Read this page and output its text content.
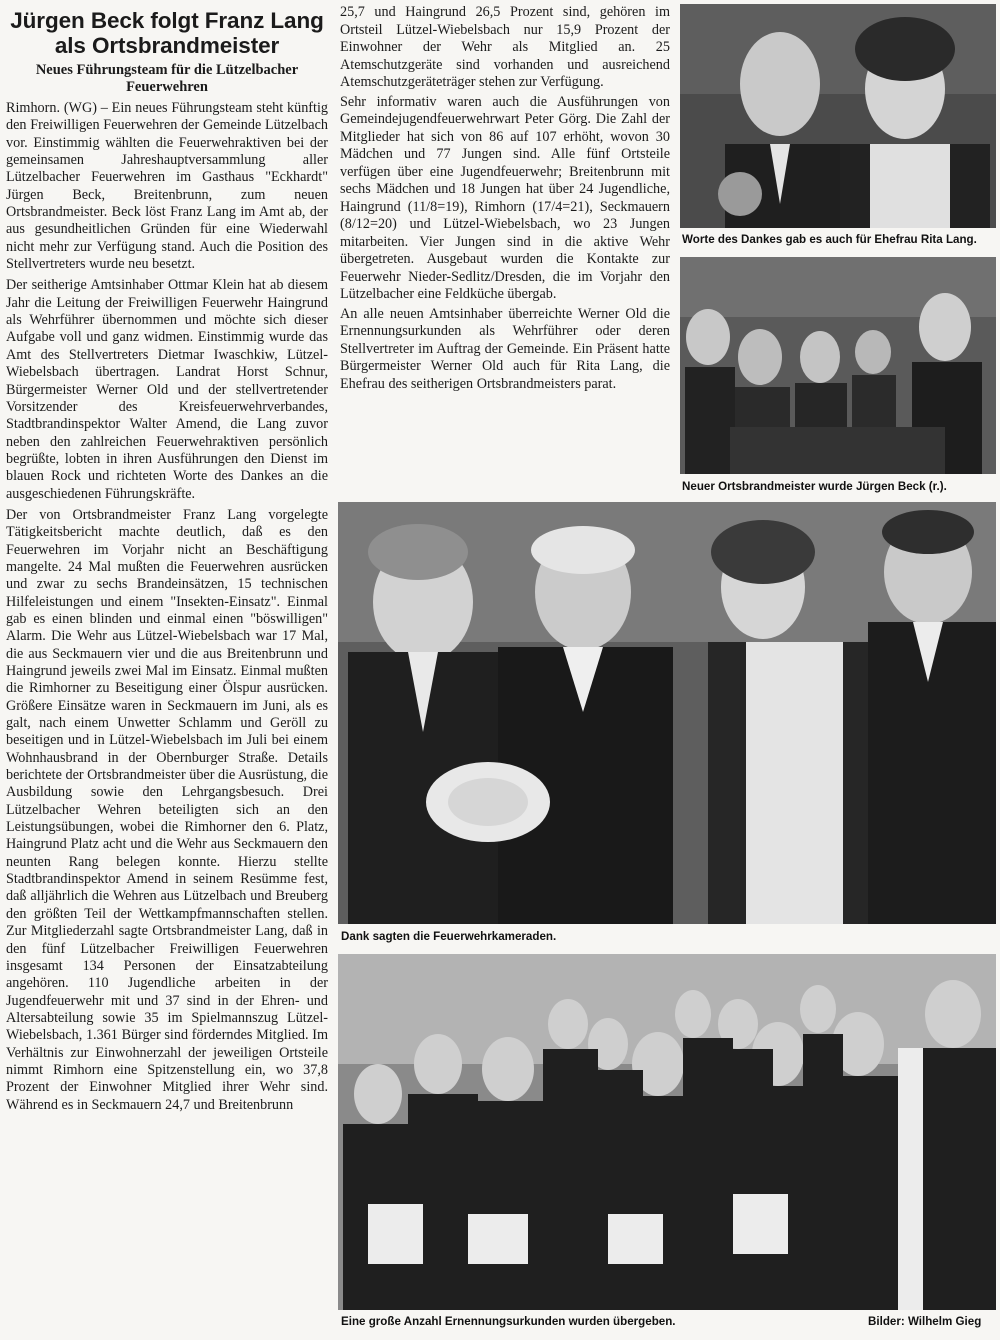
Jürgen Beck folgt Franz Lang als Ortsbrandmeister
Neues Führungsteam für die Lützelbacher Feuerwehren

Rimhorn. (WG) – Ein neues Führungsteam steht künftig den Freiwilligen Feuerwehren der Gemeinde Lützelbach vor. Einstimmig wählten die Feuerwehraktiven bei der gemeinsamen Jahreshauptversammlung aller Lützelbacher Feuerwehren im Gasthaus "Eckhardt" Jürgen Beck, Breitenbrunn, zum neuen Ortsbrandmeister. Beck löst Franz Lang im Amt ab, der aus gesundheitlichen Gründen für eine Wiederwahl nicht mehr zur Verfügung stand. Auch die Position des Stellvertreters wurde neu besetzt.

Der seitherige Amtsinhaber Ottmar Klein hat ab diesem Jahr die Leitung der Freiwilligen Feuerwehr Haingrund als Wehrführer übernommen und möchte sich dieser Aufgabe voll und ganz widmen. Einstimmig wurde das Amt des Stellvertreters Dietmar Iwaschkiw, Lützel-Wiebelsbach übertragen. Landrat Horst Schnur, Bürgermeister Werner Old und der stellvertretender Vorsitzender des Kreisfeuerwehrverbandes, Stadtbrandinspektor Walter Amend, die Lang zuvor neben den zahlreichen Feuerwehraktiven persönlich begrüßte, lobten in ihren Ausführungen den Dienst im blauen Rock und richteten Worte des Dankes an die ausgeschiedenen Führungskräfte.

Der von Ortsbrandmeister Franz Lang vorgelegte Tätigkeitsbericht machte deutlich, daß es den Feuerwehren im Vorjahr nicht an Beschäftigung mangelte. 24 Mal mußten die Feuerwehren ausrücken und zwar zu sechs Brandeinsätzen, 15 technischen Hilfeleistungen und einem "Insekten-Einsatz". Einmal gab es einen blinden und einmal einen "böswilligen" Alarm. Die Wehr aus Lützel-Wiebelsbach war 17 Mal, die aus Seckmauern vier und die aus Breitenbrunn und Haingrund jeweils zwei Mal im Einsatz. Einmal mußten die Rimhorner zu Beseitigung einer Ölspur ausrücken. Größere Einsätze waren in Seckmauern im Juni, als es galt, nach einem Unwetter Schlamm und Geröll zu beseitigen und in Lützel-Wiebelsbach im Juli bei einem Wohnhausbrand in der Obernburger Straße. Details berichtete der Ortsbrandmeister über die Ausrüstung, die Ausbildung sowie den Lehrgangsbesuch. Drei Lützelbacher Wehren beteiligten sich an den Leistungsübungen, wobei die Rimhorner den 6. Platz, Haingrund Platz acht und die Wehr aus Seckmauern den neunten Rang belegen konnte. Hierzu stellte Stadtbrandinspektor Amend in seinem Resümme fest, daß alljährlich die Wehren aus Lützelbach und Breuberg den größten Teil der Wettkampfmannschaften stellen. Zur Mitgliederzahl sagte Ortsbrandmeister Lang, daß in den fünf Lützelbacher Freiwilligen Feuerwehren insgesamt 134 Personen der Einsatzabteilung angehören. 110 Jugendliche arbeiten in der Jugendfeuerwehr mit und 37 sind in der Ehren- und Altersabteilung sowie 35 im Spielmannszug Lützel-Wiebelsbach, 1.361 Bürger sind förderndes Mitglied. Im Verhältnis zur Einwohnerzahl der jeweiligen Ortsteile nimmt Rimhorn eine Spitzenstellung ein, wo 37,8 Prozent der Einwohner Mitglied ihrer Wehr sind. Während es in Seckmauern 24,7 und Breitenbrunn

25,7 und Haingrund 26,5 Prozent sind, gehören im Ortsteil Lützel-Wiebelsbach nur 15,9 Prozent der Einwohner der Wehr als Mitglied an. 25 Atemschutzgeräte sind vorhanden und ausreichend Atemschutzgeräteträger stehen zur Verfügung.

Sehr informativ waren auch die Ausführungen von Gemeindejugendfeuerwehrwart Peter Görg. Die Zahl der Mitglieder hat sich von 86 auf 107 erhöht, wovon 30 Mädchen und 77 Jungen sind. Alle fünf Ortsteile verfügen über eine Jugendfeuerwehr; Breitenbrunn mit sechs Mädchen und 18 Jungen hat über 24 Jugendliche, Haingrund (11/8=19), Rimhorn (17/4=21), Seckmauern (8/12=20) und Lützel-Wiebelsbach, wo 23 Jungen mitarbeiten. Vier Jungen sind in die aktive Wehr übergetreten. Ausgebaut wurden die Kontakte zur Feuerwehr Nieder-Sedlitz/Dresden, die im Vorjahr den Lützelbacher eine Feldküche übergab.

An alle neuen Amtsinhaber überreichte Werner Old die Ernennungsurkunden als Wehrführer oder deren Stellvertreter im Auftrag der Gemeinde. Ein Präsent hatte Bürgermeister Werner Old auch für Rita Lang, die Ehefrau des seitherigen Ortsbrandmeisters parat.

Worte des Dankes gab es auch für Ehefrau Rita Lang.
Neuer Ortsbrandmeister wurde Jürgen Beck (r.).
Dank sagten die Feuerwehrkameraden.
Eine große Anzahl Ernennungsurkunden wurden übergeben.	Bilder: Wilhelm Gieg
